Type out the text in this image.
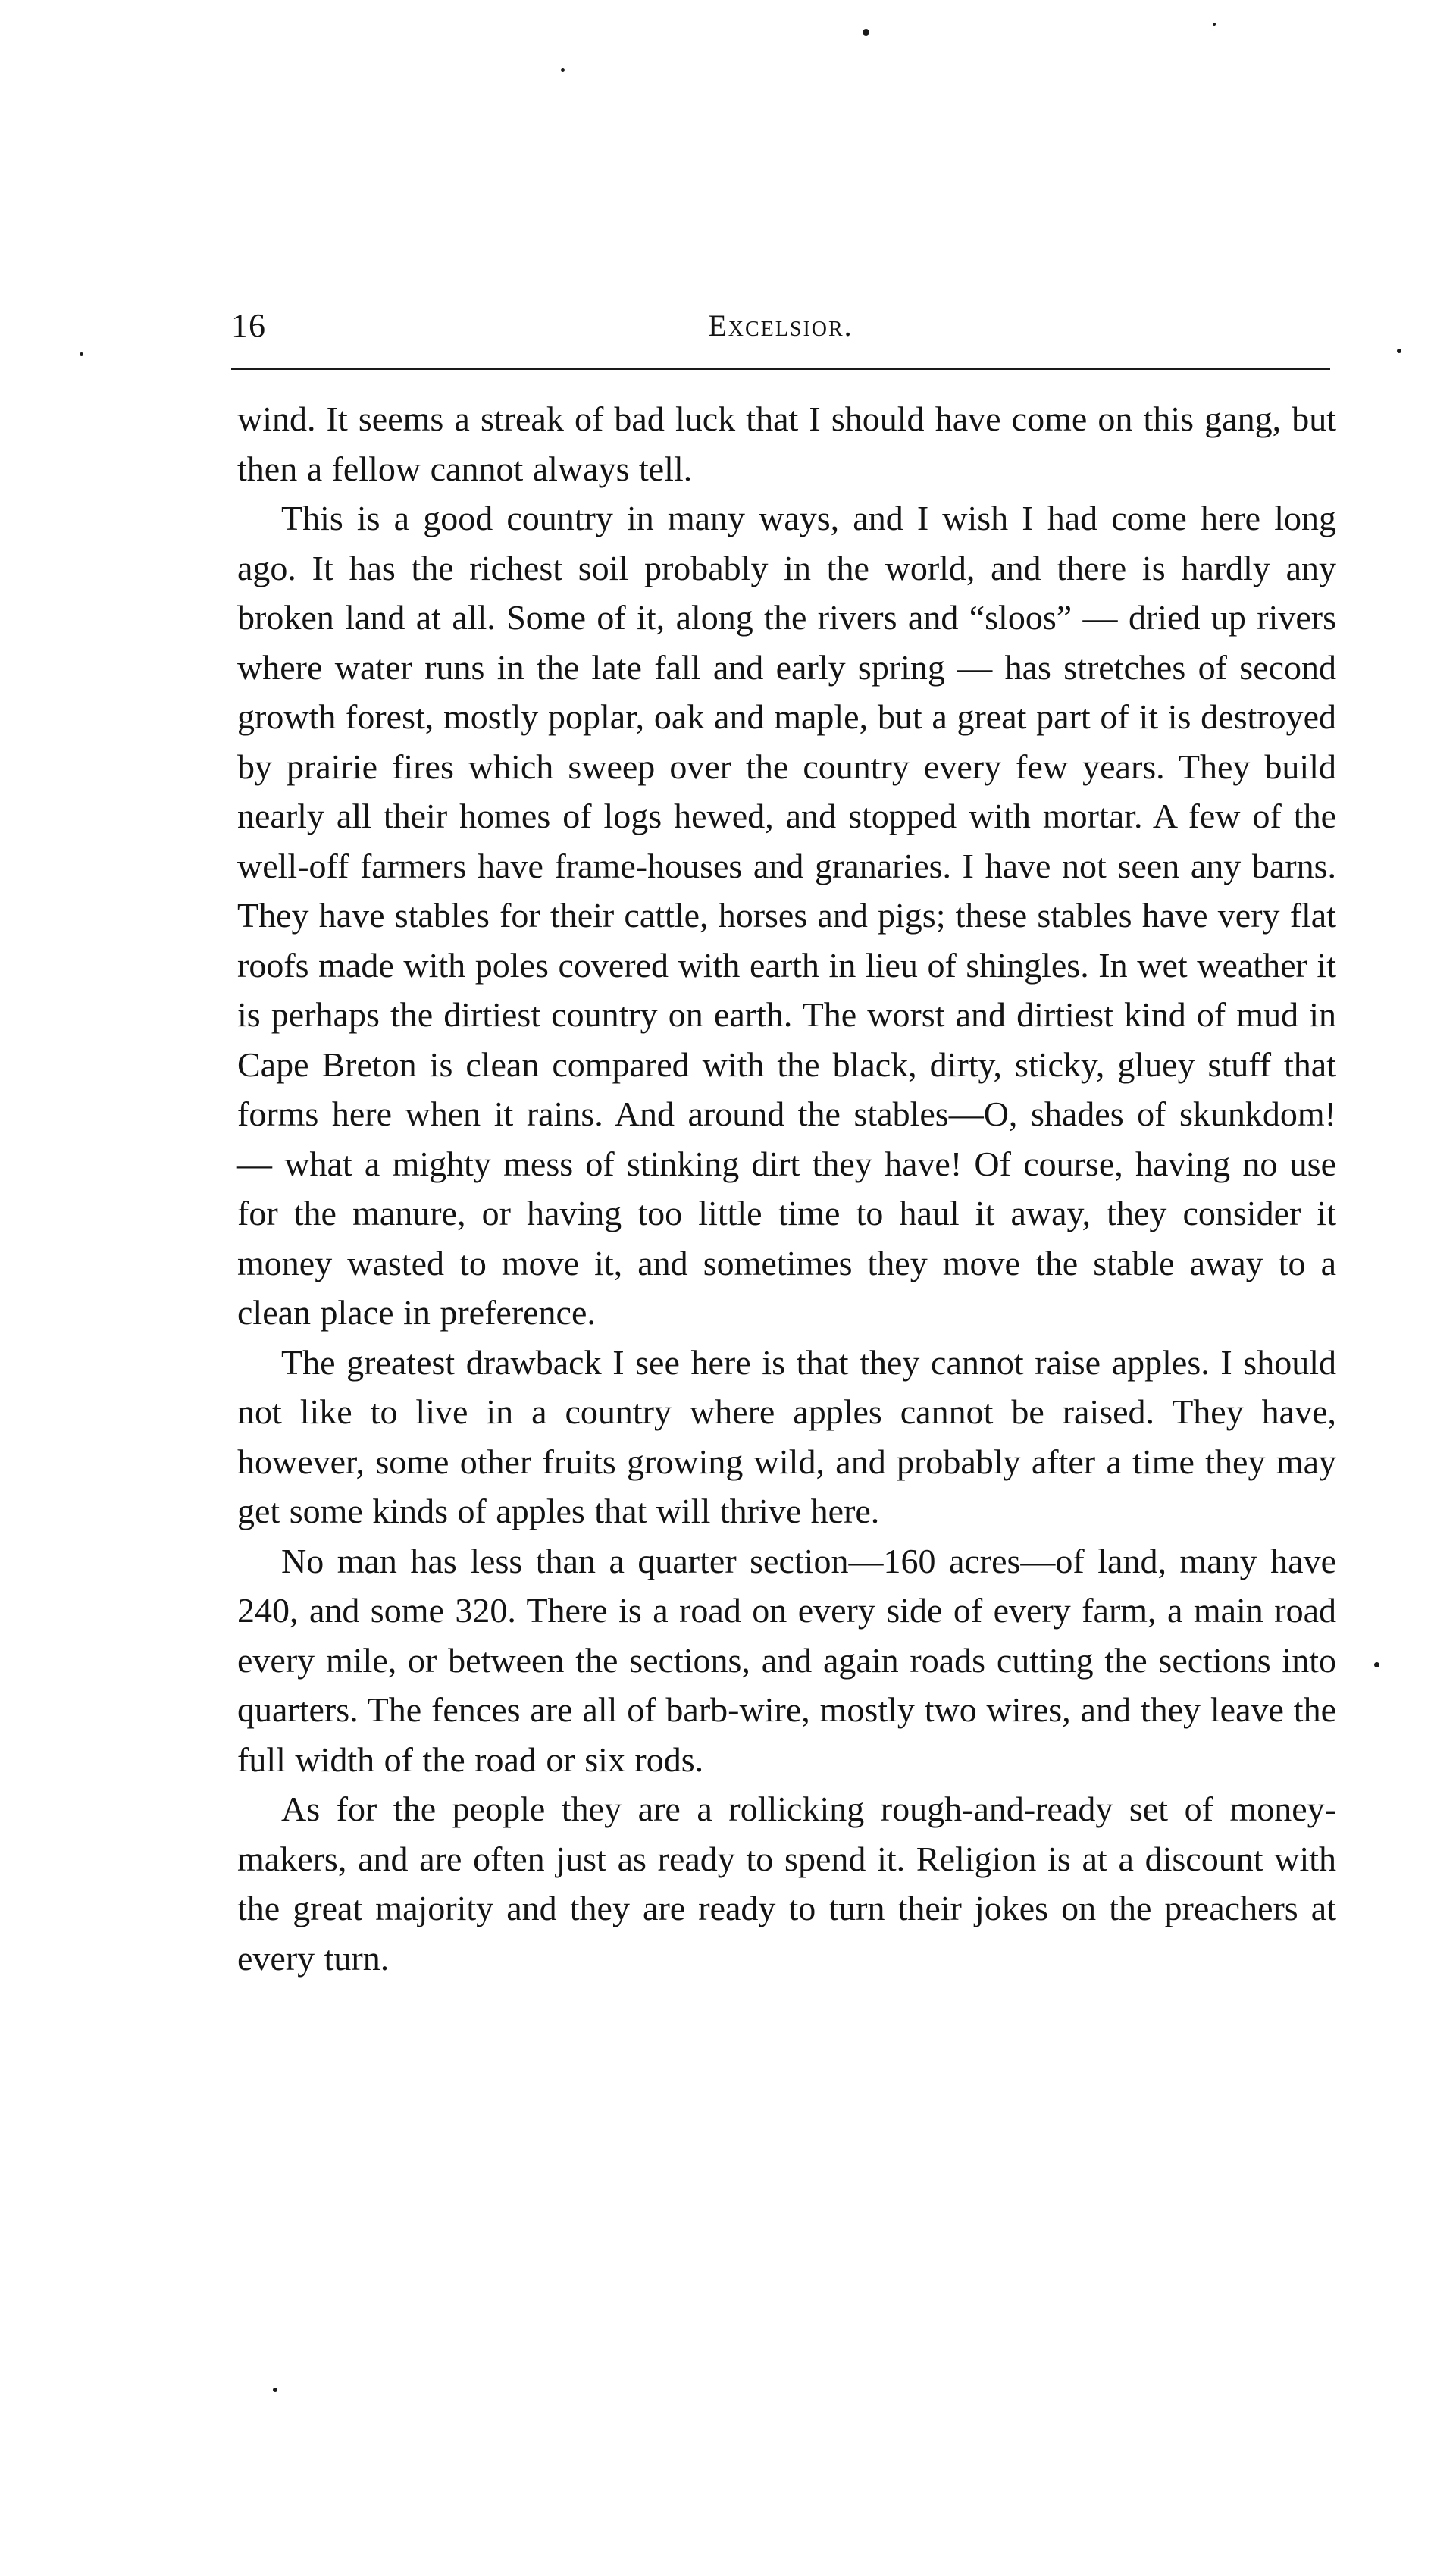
16	Excelsior.

wind. It seems a streak of bad luck that I should have come on this gang, but then a fellow cannot always tell.

This is a good country in many ways, and I wish I had come here long ago. It has the richest soil probably in the world, and there is hardly any broken land at all. Some of it, along the rivers and “sloos” — dried up rivers where water runs in the late fall and early spring — has stretches of second growth forest, mostly poplar, oak and maple, but a great part of it is destroyed by prairie fires which sweep over the country every few years. They build nearly all their homes of logs hewed, and stopped with mortar. A few of the well-off farmers have frame-houses and granaries. I have not seen any barns. They have stables for their cattle, horses and pigs; these stables have very flat roofs made with poles covered with earth in lieu of shingles. In wet weather it is perhaps the dirtiest country on earth. The worst and dirtiest kind of mud in Cape Breton is clean compared with the black, dirty, sticky, gluey stuff that forms here when it rains. And around the stables—O, shades of skunkdom! — what a mighty mess of stinking dirt they have! Of course, having no use for the manure, or having too little time to haul it away, they consider it money wasted to move it, and sometimes they move the stable away to a clean place in preference.

The greatest drawback I see here is that they cannot raise apples. I should not like to live in a country where apples cannot be raised. They have, however, some other fruits growing wild, and probably after a time they may get some kinds of apples that will thrive here.

No man has less than a quarter section—160 acres—of land, many have 240, and some 320. There is a road on every side of every farm, a main road every mile, or between the sections, and again roads cutting the sections into quarters. The fences are all of barb-wire, mostly two wires, and they leave the full width of the road or six rods.

As for the people they are a rollicking rough-and-ready set of money-makers, and are often just as ready to spend it. Religion is at a discount with the great majority and they are ready to turn their jokes on the preachers at every turn.
